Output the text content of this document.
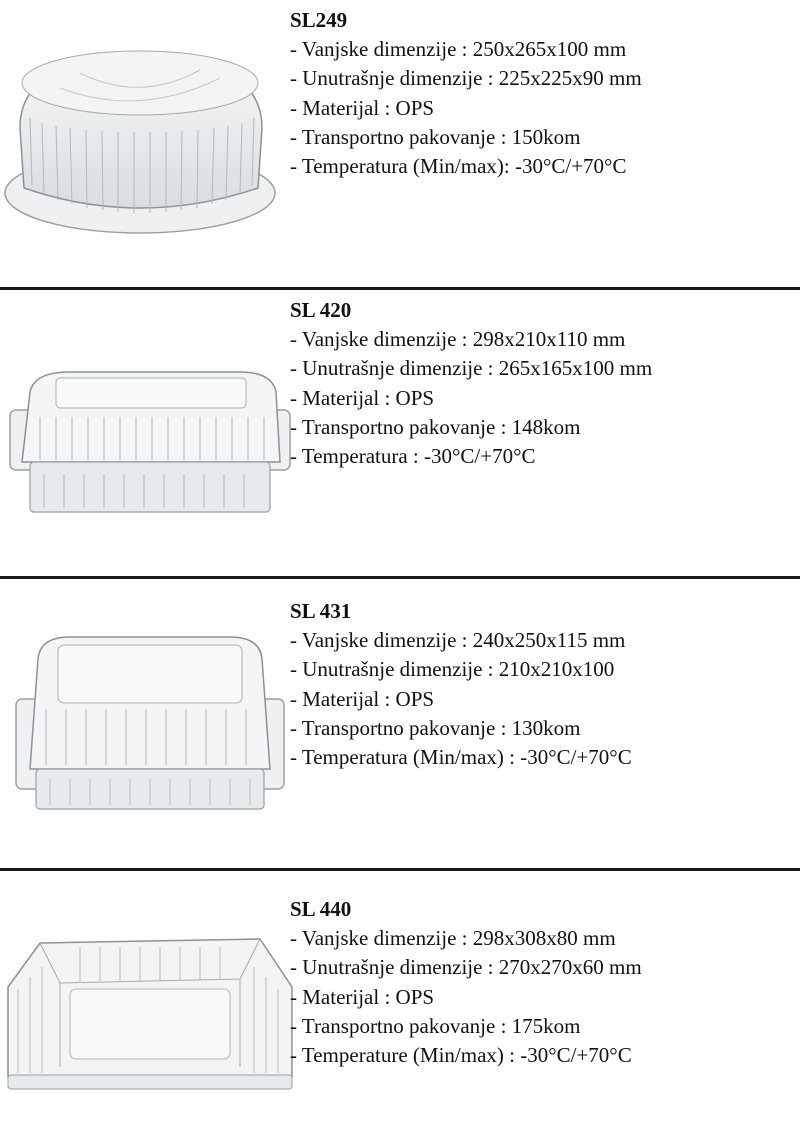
SL249
- Vanjske dimenzije : 250x265x100 mm
- Unutrašnje dimenzije : 225x225x90 mm
- Materijal : OPS
- Transportno pakovanje : 150kom
- Temperatura (Min/max): -30°C/+70°C
SL 420
- Vanjske dimenzije : 298x210x110 mm
- Unutrašnje dimenzije : 265x165x100 mm
- Materijal : OPS
- Transportno pakovanje : 148kom
- Temperatura : -30°C/+70°C
SL 431
- Vanjske dimenzije : 240x250x115 mm
- Unutrašnje dimenzije : 210x210x100
- Materijal : OPS
- Transportno pakovanje : 130kom
- Temperatura (Min/max) : -30°C/+70°C
SL 440
- Vanjske dimenzije : 298x308x80 mm
- Unutrašnje dimenzije : 270x270x60 mm
- Materijal : OPS
- Transportno pakovanje : 175kom
- Temperature (Min/max) : -30°C/+70°C
